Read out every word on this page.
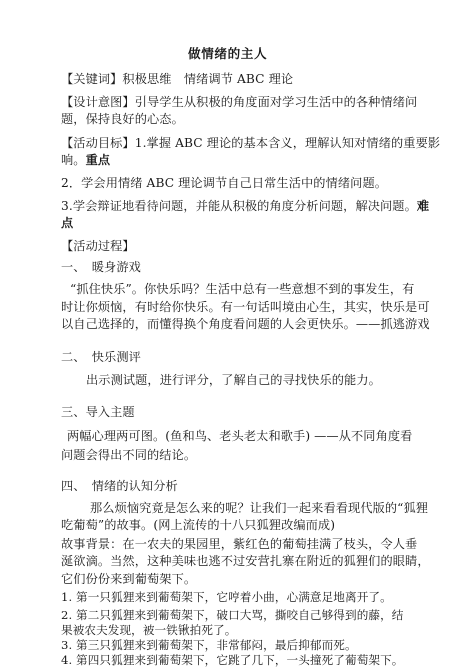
做情绪的主人
【关键词】积极思维　情绪调节 ABC 理论
【设计意图】引导学生从积极的角度面对学习生活中的各种情绪问
题，保持良好的心态。
【活动目标】1.掌握 ABC 理论的基本含义，理解认知对情绪的重要影
响。重点
2．学会用情绪 ABC 理论调节自己日常生活中的情绪问题。
3.学会辩证地看待问题，并能从积极的角度分析问题，解决问题。难
点
【活动过程】
一、　暖身游戏
“抓住快乐”。你快乐吗？生活中总有一些意想不到的事发生，有
时让你烦恼，有时给你快乐。有一句话叫境由心生，其实，快乐是可
以自己选择的，而懂得换个角度看问题的人会更快乐。——抓逃游戏
二、　快乐测评
出示测试题，进行评分，了解自己的寻找快乐的能力。
三、导入主题
两幅心理两可图。(鱼和鸟、老头老太和歌手) ——从不同角度看
问题会得出不同的结论。
四、　情绪的认知分析
那么烦恼究竟是怎么来的呢？让我们一起来看看现代版的“狐狸
吃葡萄”的故事。(网上流传的十八只狐狸改编而成)
故事背景：在一农夫的果园里，紫红色的葡萄挂满了枝头，令人垂
涎欲滴。当然，这种美味也逃不过安营扎寨在附近的狐狸们的眼睛，
它们份份来到葡萄架下。
1. 第一只狐狸来到葡萄架下，它哼着小曲，心满意足地离开了。
2. 第二只狐狸来到葡萄架下，破口大骂，撕咬自己够得到的藤，结
果被农夫发现，被一铁锹拍死了。
3. 第三只狐狸来到葡萄架下，非常郁闷，最后抑郁而死。
4. 第四只狐狸来到葡萄架下，它跳了几下，一头撞死了葡萄架下。
